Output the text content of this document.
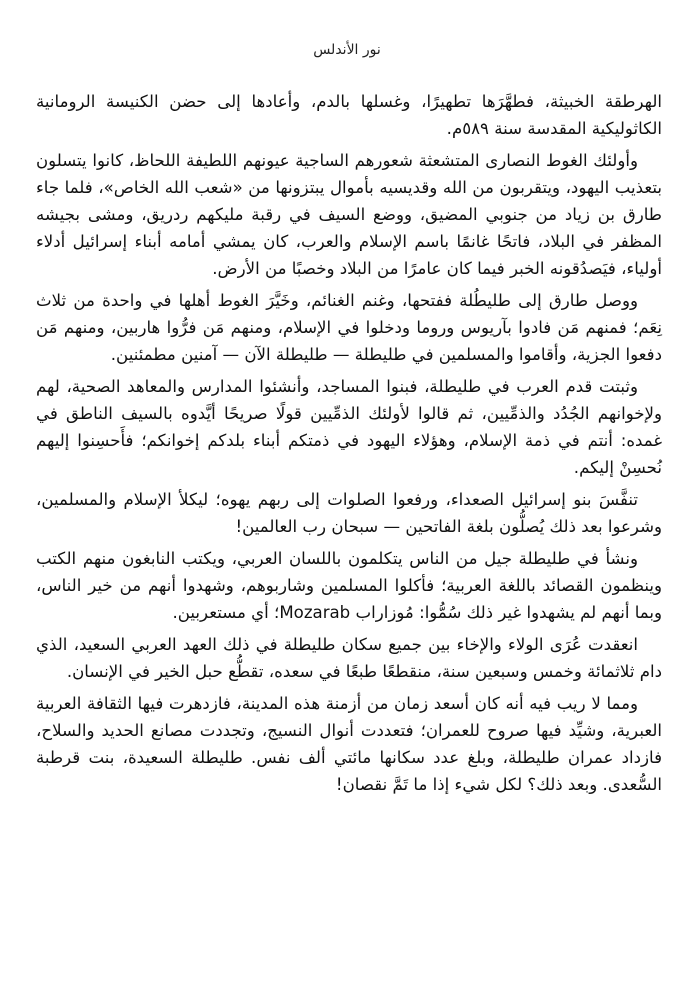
نور الأندلس

الهرطقة الخبيثة، فطهَّرَها تطهيرًا، وغسلها بالدم، وأعادها إلى حضن الكنيسة الرومانية الكاثوليكية المقدسة سنة ٥٨٩م.

وأولئك الغوط النصارى المتشعثة شعورهم الساجية عيونهم اللطيفة اللحاظ، كانوا يتسلون بتعذيب اليهود، ويتقربون من الله وقديسيه بأموال يبتزونها من «شعب الله الخاص»، فلما جاء طارق بن زياد من جنوبي المضيق، ووضع السيف في رقبة مليكهم ردريق، ومشى بجيشه المظفر في البلاد، فاتحًا غانمًا باسم الإسلام والعرب، كان يمشي أمامه أبناء إسرائيل أدلاء أولياء، فيَصدُقونه الخبر فيما كان عامرًا من البلاد وخصبًا من الأرض.

ووصل طارق إلى طليطُلة ففتحها، وغنم الغنائم، وخَيَّرَ الغوط أهلها في واحدة من ثلاث نِعَم؛ فمنهم مَن فادوا بآريوس وروما ودخلوا في الإسلام، ومنهم مَن فرُّوا هاربين، ومنهم مَن دفعوا الجزية، وأقاموا والمسلمين في طليطلة — طليطلة الآن — آمنين مطمئنين.

وثبتت قدم العرب في طليطلة، فبنوا المساجد، وأنشئوا المدارس والمعاهد الصحية، لهم ولإخوانهم الجُدُد والذمِّيين، ثم قالوا لأولئك الذمِّيين قولًا صريحًا أيَّدوه بالسيف الناطق في غمده: أنتم في ذمة الإسلام، وهؤلاء اليهود في ذمتكم أبناء بلدكم إخوانكم؛ فأَحسِنوا إليهم نُحسِنْ إليكم.

تنفَّسَ بنو إسرائيل الصعداء، ورفعوا الصلوات إلى ربهم يهوه؛ ليكلأ الإسلام والمسلمين، وشرعوا بعد ذلك يُصلُّون بلغة الفاتحين — سبحان رب العالمين!

ونشأ في طليطلة جيل من الناس يتكلمون باللسان العربي، ويكتب النابغون منهم الكتب وينظمون القصائد باللغة العربية؛ فأكلوا المسلمين وشاربوهم، وشهدوا أنهم من خير الناس، وبما أنهم لم يشهدوا غير ذلك سُمُّوا: مُوزاراب Mozarab؛ أي مستعربين.

انعقدت عُرَى الولاء والإخاء بين جميع سكان طليطلة في ذلك العهد العربي السعيد، الذي دام ثلاثمائة وخمس وسبعين سنة، منقطعًا طبعًا في سعده، تقطُّع حبل الخير في الإنسان.

ومما لا ريب فيه أنه كان أسعد زمان من أزمنة هذه المدينة، فازدهرت فيها الثقافة العربية العبرية، وشيِّد فيها صروح للعمران؛ فتعددت أنوال النسيج، وتجددت مصانع الحديد والسلاح، فازداد عمران طليطلة، وبلغ عدد سكانها مائتي ألف نفس. طليطلة السعيدة، بنت قرطبة السُّعدى. وبعد ذلك؟ لكل شيء إذا ما تَمَّ نقصان!
